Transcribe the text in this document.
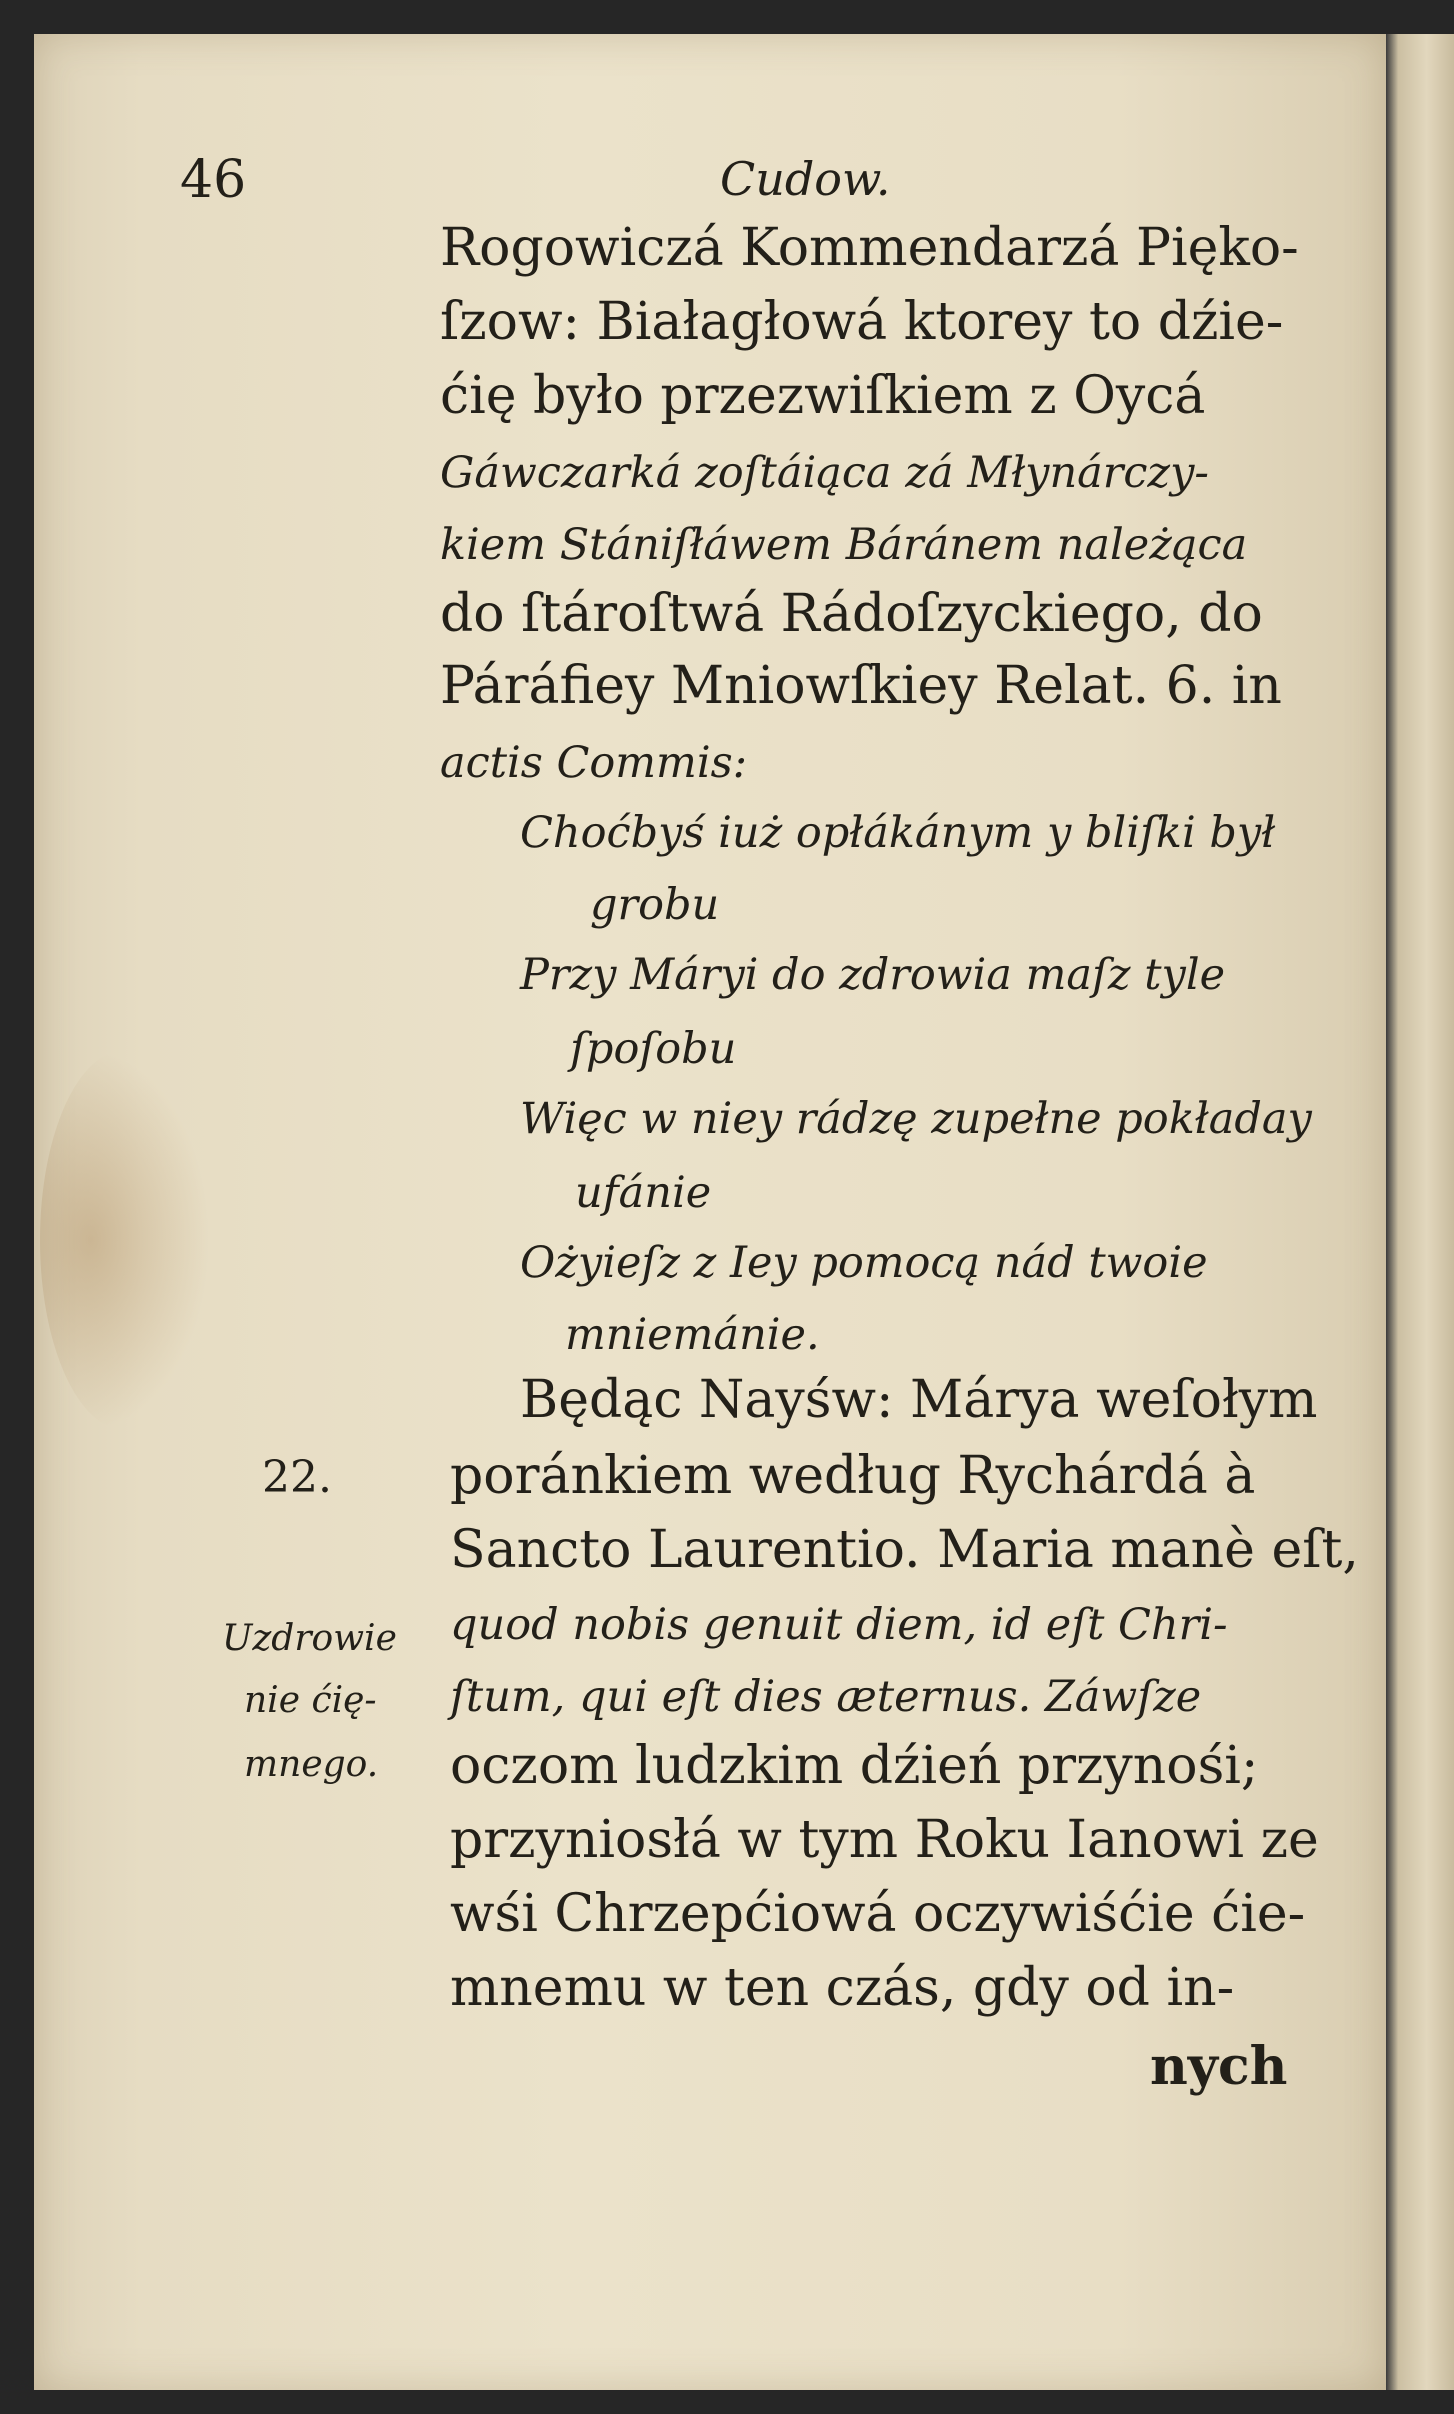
46	Cudow.
Rogowiczá Kommendarzá Pięko-
ſzow: Białagłowá ktorey to dźie-
ćię było przezwiſkiem z Oycá
Gáwczarká zoſtáiąca zá Młynárczy-
kiem Stániſłáwem Báránem należąca
do ſtároſtwá Rádoſzyckiego, do
Páráfiey Mniowſkiey Relat. 6. in
actis Commis:
Choćbyś iuż opłákánym y bliſki był
grobu
Przy Máryi do zdrowia maſz tyle
ſpoſobu
Więc w niey rádzę zupełne pokładay
ufánie
Ożyieſz z Iey pomocą nád twoie
mniemánie.
Będąc Nayśw: Márya weſołym
poránkiem według Rychárdá à
Sancto Laurentio. Maria manè eſt,
quod nobis genuit diem, id eſt Chri-
ſtum, qui eſt dies æternus. Záwſze
oczom ludzkim dźień przynośi;
przyniosłá w tym Roku Ianowi ze
wśi Chrzepćiowá oczywiśćie ćie-
mnemu w ten czás, gdy od in-
nych
22.
Uzdrowie
nie ćię-
mnego.
